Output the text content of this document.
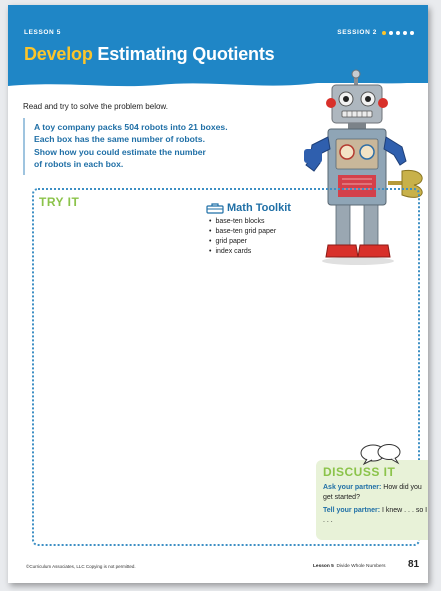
LESSON 5	SESSION 2
Develop Estimating Quotients
Read and try to solve the problem below.

A toy company packs 504 robots into 21 boxes.

Each box has the same number of robots.

Show how you could estimate the number

of robots in each box.

TRY IT	Math Toolkit
• base-ten blocks
• base-ten grid paper
• grid paper
• index cards
DISCUSS IT

Ask your partner: How did you get started?

Tell your partner: I knew . . . so I . . .

©Curriculum Associates, LLC Copying is not permitted.	Lesson 5 Divide Whole Numbers 81
